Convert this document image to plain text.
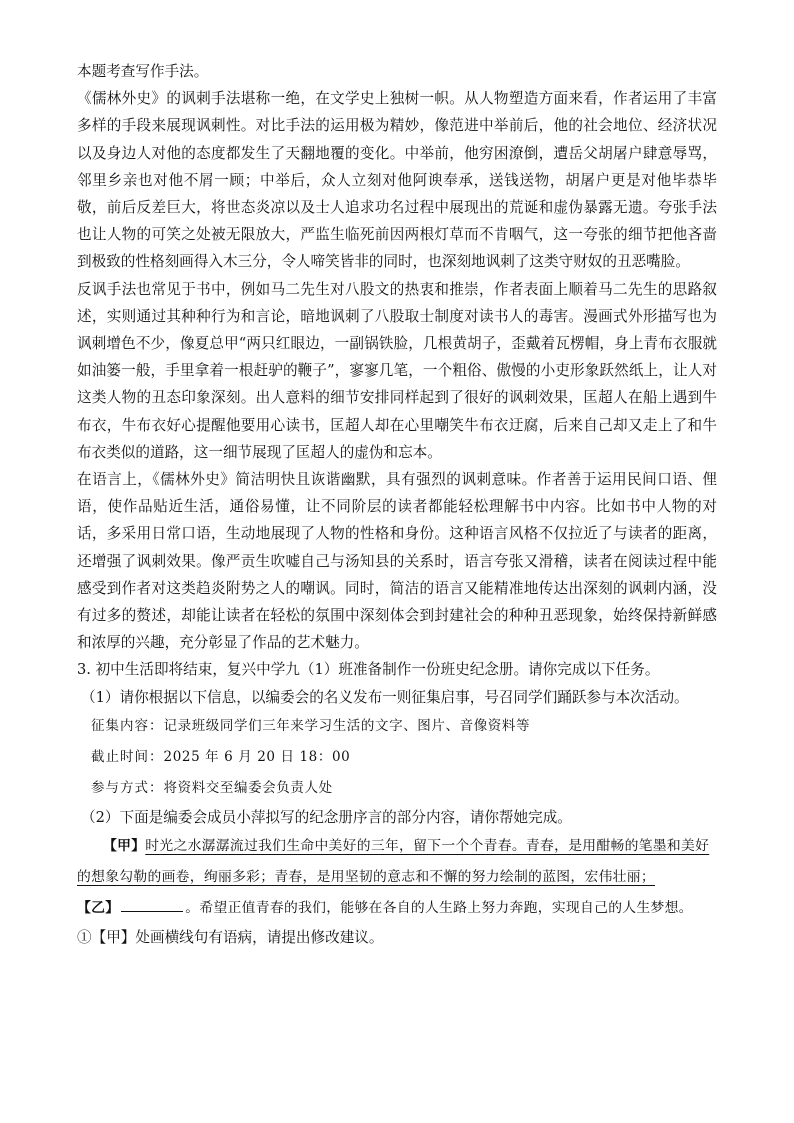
本题考查写作手法。

《儒林外史》的讽刺手法堪称一绝，在文学史上独树一帜。从人物塑造方面来看，作者运用了丰富多样的手段来展现讽刺性。对比手法的运用极为精妙，像范进中举前后，他的社会地位、经济状况以及身边人对他的态度都发生了天翻地覆的变化。中举前，他穷困潦倒，遭岳父胡屠户肆意辱骂，邻里乡亲也对他不屑一顾；中举后，众人立刻对他阿谀奉承，送钱送物，胡屠户更是对他毕恭毕敬，前后反差巨大，将世态炎凉以及士人追求功名过程中展现出的荒诞和虚伪暴露无遗。夸张手法也让人物的可笑之处被无限放大，严监生临死前因两根灯草而不肯咽气，这一夸张的细节把他吝啬到极致的性格刻画得入木三分，令人啼笑皆非的同时，也深刻地讽刺了这类守财奴的丑恶嘴脸。

反讽手法也常见于书中，例如马二先生对八股文的热衷和推崇，作者表面上顺着马二先生的思路叙述，实则通过其种种行为和言论，暗地讽刺了八股取士制度对读书人的毒害。漫画式外形描写也为讽刺增色不少，像夏总甲“两只红眼边，一副锅铁脸，几根黄胡子，歪戴着瓦楞帽，身上青布衣服就如油篓一般，手里拿着一根赶驴的鞭子”，寥寥几笔，一个粗俗、傲慢的小吏形象跃然纸上，让人对这类人物的丑态印象深刻。出人意料的细节安排同样起到了很好的讽刺效果，匡超人在船上遇到牛布衣，牛布衣好心提醒他要用心读书，匡超人却在心里嘲笑牛布衣迂腐，后来自己却又走上了和牛布衣类似的道路，这一细节展现了匡超人的虚伪和忘本。

在语言上，《儒林外史》简洁明快且诙谐幽默，具有强烈的讽刺意味。作者善于运用民间口语、俚语，使作品贴近生活，通俗易懂，让不同阶层的读者都能轻松理解书中内容。比如书中人物的对话，多采用日常口语，生动地展现了人物的性格和身份。这种语言风格不仅拉近了与读者的距离，还增强了讽刺效果。像严贡生吹嘘自己与汤知县的关系时，语言夸张又滑稽，读者在阅读过程中能感受到作者对这类趋炎附势之人的嘲讽。同时，简洁的语言又能精准地传达出深刻的讽刺内涵，没有过多的赘述，却能让读者在轻松的氛围中深刻体会到封建社会的种种丑恶现象，始终保持新鲜感和浓厚的兴趣，充分彰显了作品的艺术魅力。

3. 初中生活即将结束，复兴中学九（1）班准备制作一份班史纪念册。请你完成以下任务。

（1）请你根据以下信息，以编委会的名义发布一则征集启事，号召同学们踊跃参与本次活动。

征集内容：记录班级同学们三年来学习生活的文字、图片、音像资料等

截止时间：2025 年 6 月 20 日 18：00

参与方式：将资料交至编委会负责人处

（2）下面是编委会成员小萍拟写的纪念册序言的部分内容，请你帮她完成。

【甲】时光之水潺潺流过我们生命中美好的三年，留下一个个青春。青春，是用酣畅的笔墨和美好的想象勾勒的画卷，绚丽多彩；青春，是用坚韧的意志和不懈的努力绘制的蓝图，宏伟壮丽；

【乙】	。希望正值青春的我们，能够在各自的人生路上努力奔跑，实现自己的人生梦想。

①【甲】处画横线句有语病，请提出修改建议。
